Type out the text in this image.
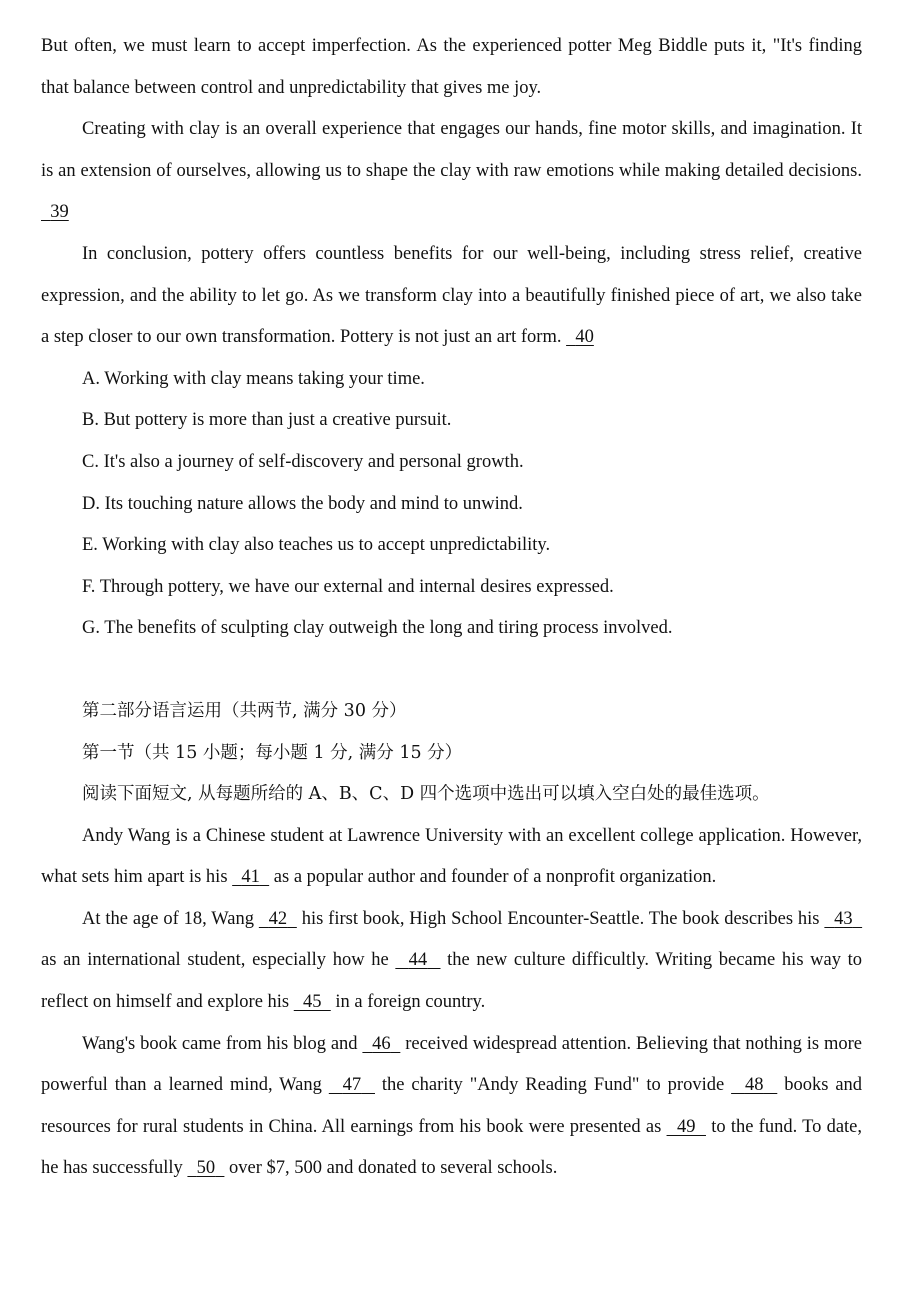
But often, we must learn to accept imperfection. As the experienced potter Meg Biddle puts it, "It's finding that balance between control and unpredictability that gives me joy.

Creating with clay is an overall experience that engages our hands, fine motor skills, and imagination. It is an extension of ourselves, allowing us to shape the clay with raw emotions while making detailed decisions.   39

In conclusion, pottery offers countless benefits for our well-being, including stress relief, creative expression, and the ability to let go. As we transform clay into a beautifully finished piece of art, we also take a step closer to our own transformation. Pottery is not just an art form. 40

A. Working with clay means taking your time.

B. But pottery is more than just a creative pursuit.

C. It's also a journey of self-discovery and personal growth.

D. Its touching nature allows the body and mind to unwind.

E. Working with clay also teaches us to accept unpredictability.

F. Through pottery, we have our external and internal desires expressed.

G. The benefits of sculpting clay outweigh the long and tiring process involved.

第二部分语言运用（共两节, 满分 30 分）

第一节（共 15 小题；每小题 1 分, 满分 15 分）

阅读下面短文, 从每题所给的 A、B、C、D 四个选项中选出可以填入空白处的最佳选项。

Andy Wang is a Chinese student at Lawrence University with an excellent college application. However, what sets him apart is his 41 as a popular author and founder of a nonprofit organization.

At the age of 18, Wang 42 his first book, High School Encounter-Seattle. The book describes his 43   as an international student, especially how he 44 the new culture difficultly. Writing became his way to reflect on himself and explore his 45 in a foreign country.

Wang's book came from his blog and 46 received widespread attention. Believing that nothing is more powerful than a learned mind, Wang 47 the charity "Andy Reading Fund" to provide 48 books and resources for rural students in China. All earnings from his book were presented as 49 to the fund. To date, he has successfully 50 over $7, 500 and donated to several schools.
